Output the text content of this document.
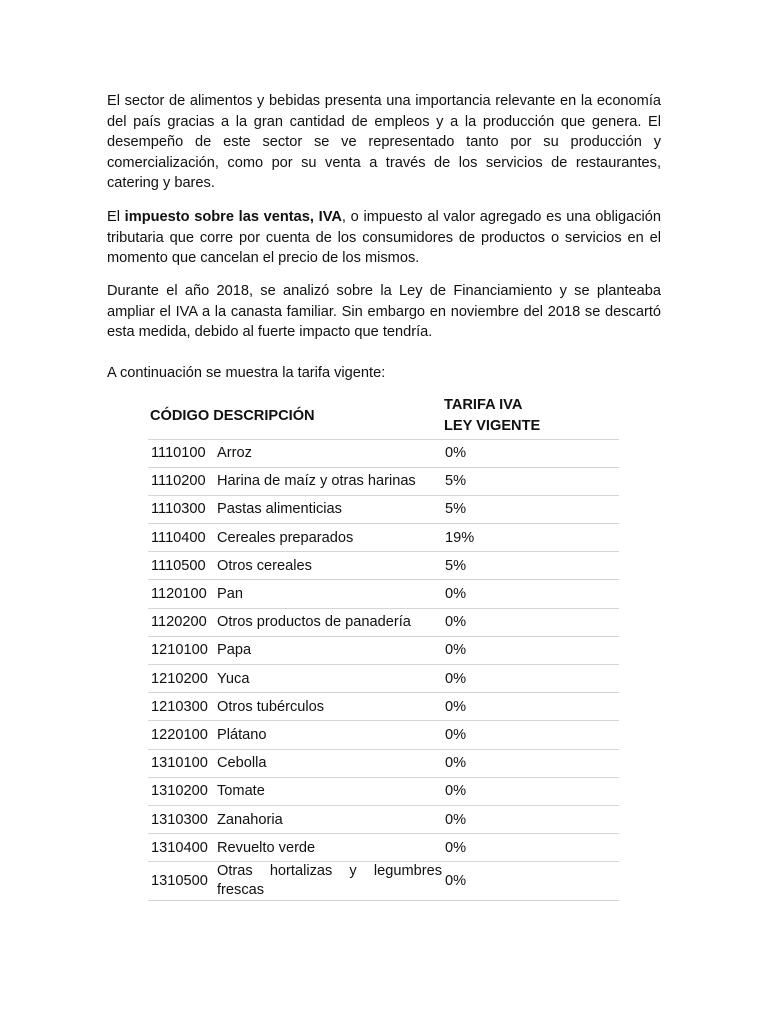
El sector de alimentos y bebidas presenta una importancia relevante en la economía del país gracias a la gran cantidad de empleos y a la producción que genera. El desempeño de este sector se ve representado tanto por su producción y comercialización, como por su venta a través de los servicios de restaurantes, catering y bares.

El impuesto sobre las ventas, IVA, o impuesto al valor agregado es una obligación tributaria que corre por cuenta de los consumidores de productos o servicios en el momento que cancelan el precio de los mismos.

Durante el año 2018, se analizó sobre la Ley de Financiamiento y se planteaba ampliar el IVA a la canasta familiar. Sin embargo en noviembre del 2018 se descartó esta medida, debido al fuerte impacto que tendría.

A continuación se muestra la tarifa vigente:

CÓDIGO DESCRIPCIÓN		TARIFA IVA
LEY VIGENTE

1110100	Arroz	0%
1110200	Harina de maíz y otras harinas	5%
1110300	Pastas alimenticias	5%
1110400	Cereales preparados	19%
1110500	Otros cereales	5%
1120100	Pan	0%
1120200	Otros productos de panadería	0%
1210100	Papa	0%
1210200	Yuca	0%
1210300	Otros tubérculos	0%
1220100	Plátano	0%
1310100	Cebolla	0%
1310200	Tomate	0%
1310300	Zanahoria	0%
1310400	Revuelto verde	0%
1310500	Otras hortalizas y legumbres frescas	0%
